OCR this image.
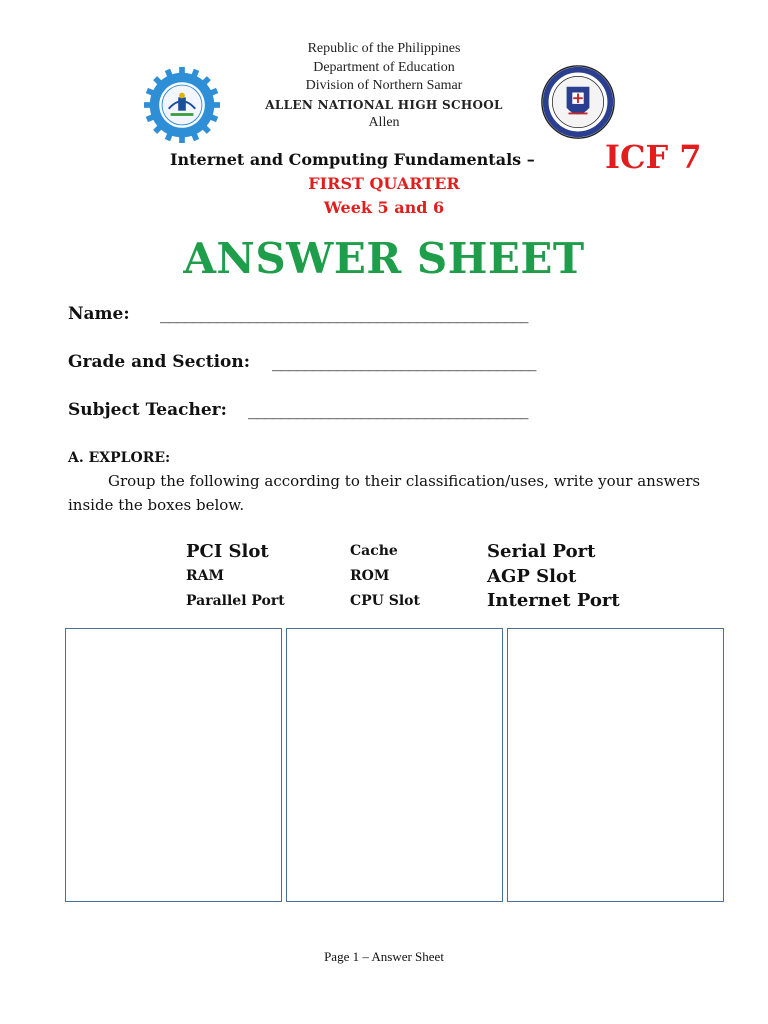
Republic of the Philippines
Department of Education
Division of Northern Samar
ALLEN NATIONAL HIGH SCHOOL
Allen
Internet and Computing Fundamentals – ICF 7
FIRST QUARTER
Week 5 and 6
ANSWER SHEET
Name: ______________________________________________
Grade and Section: _________________________________
Subject Teacher: ___________________________________
A. EXPLORE:
Group the following according to their classification/uses, write your answers inside the boxes below.
PCI Slot
RAM
Parallel Port
Cache
ROM
CPU Slot
Serial Port
AGP Slot
Internet Port
Page 1 – Answer Sheet
